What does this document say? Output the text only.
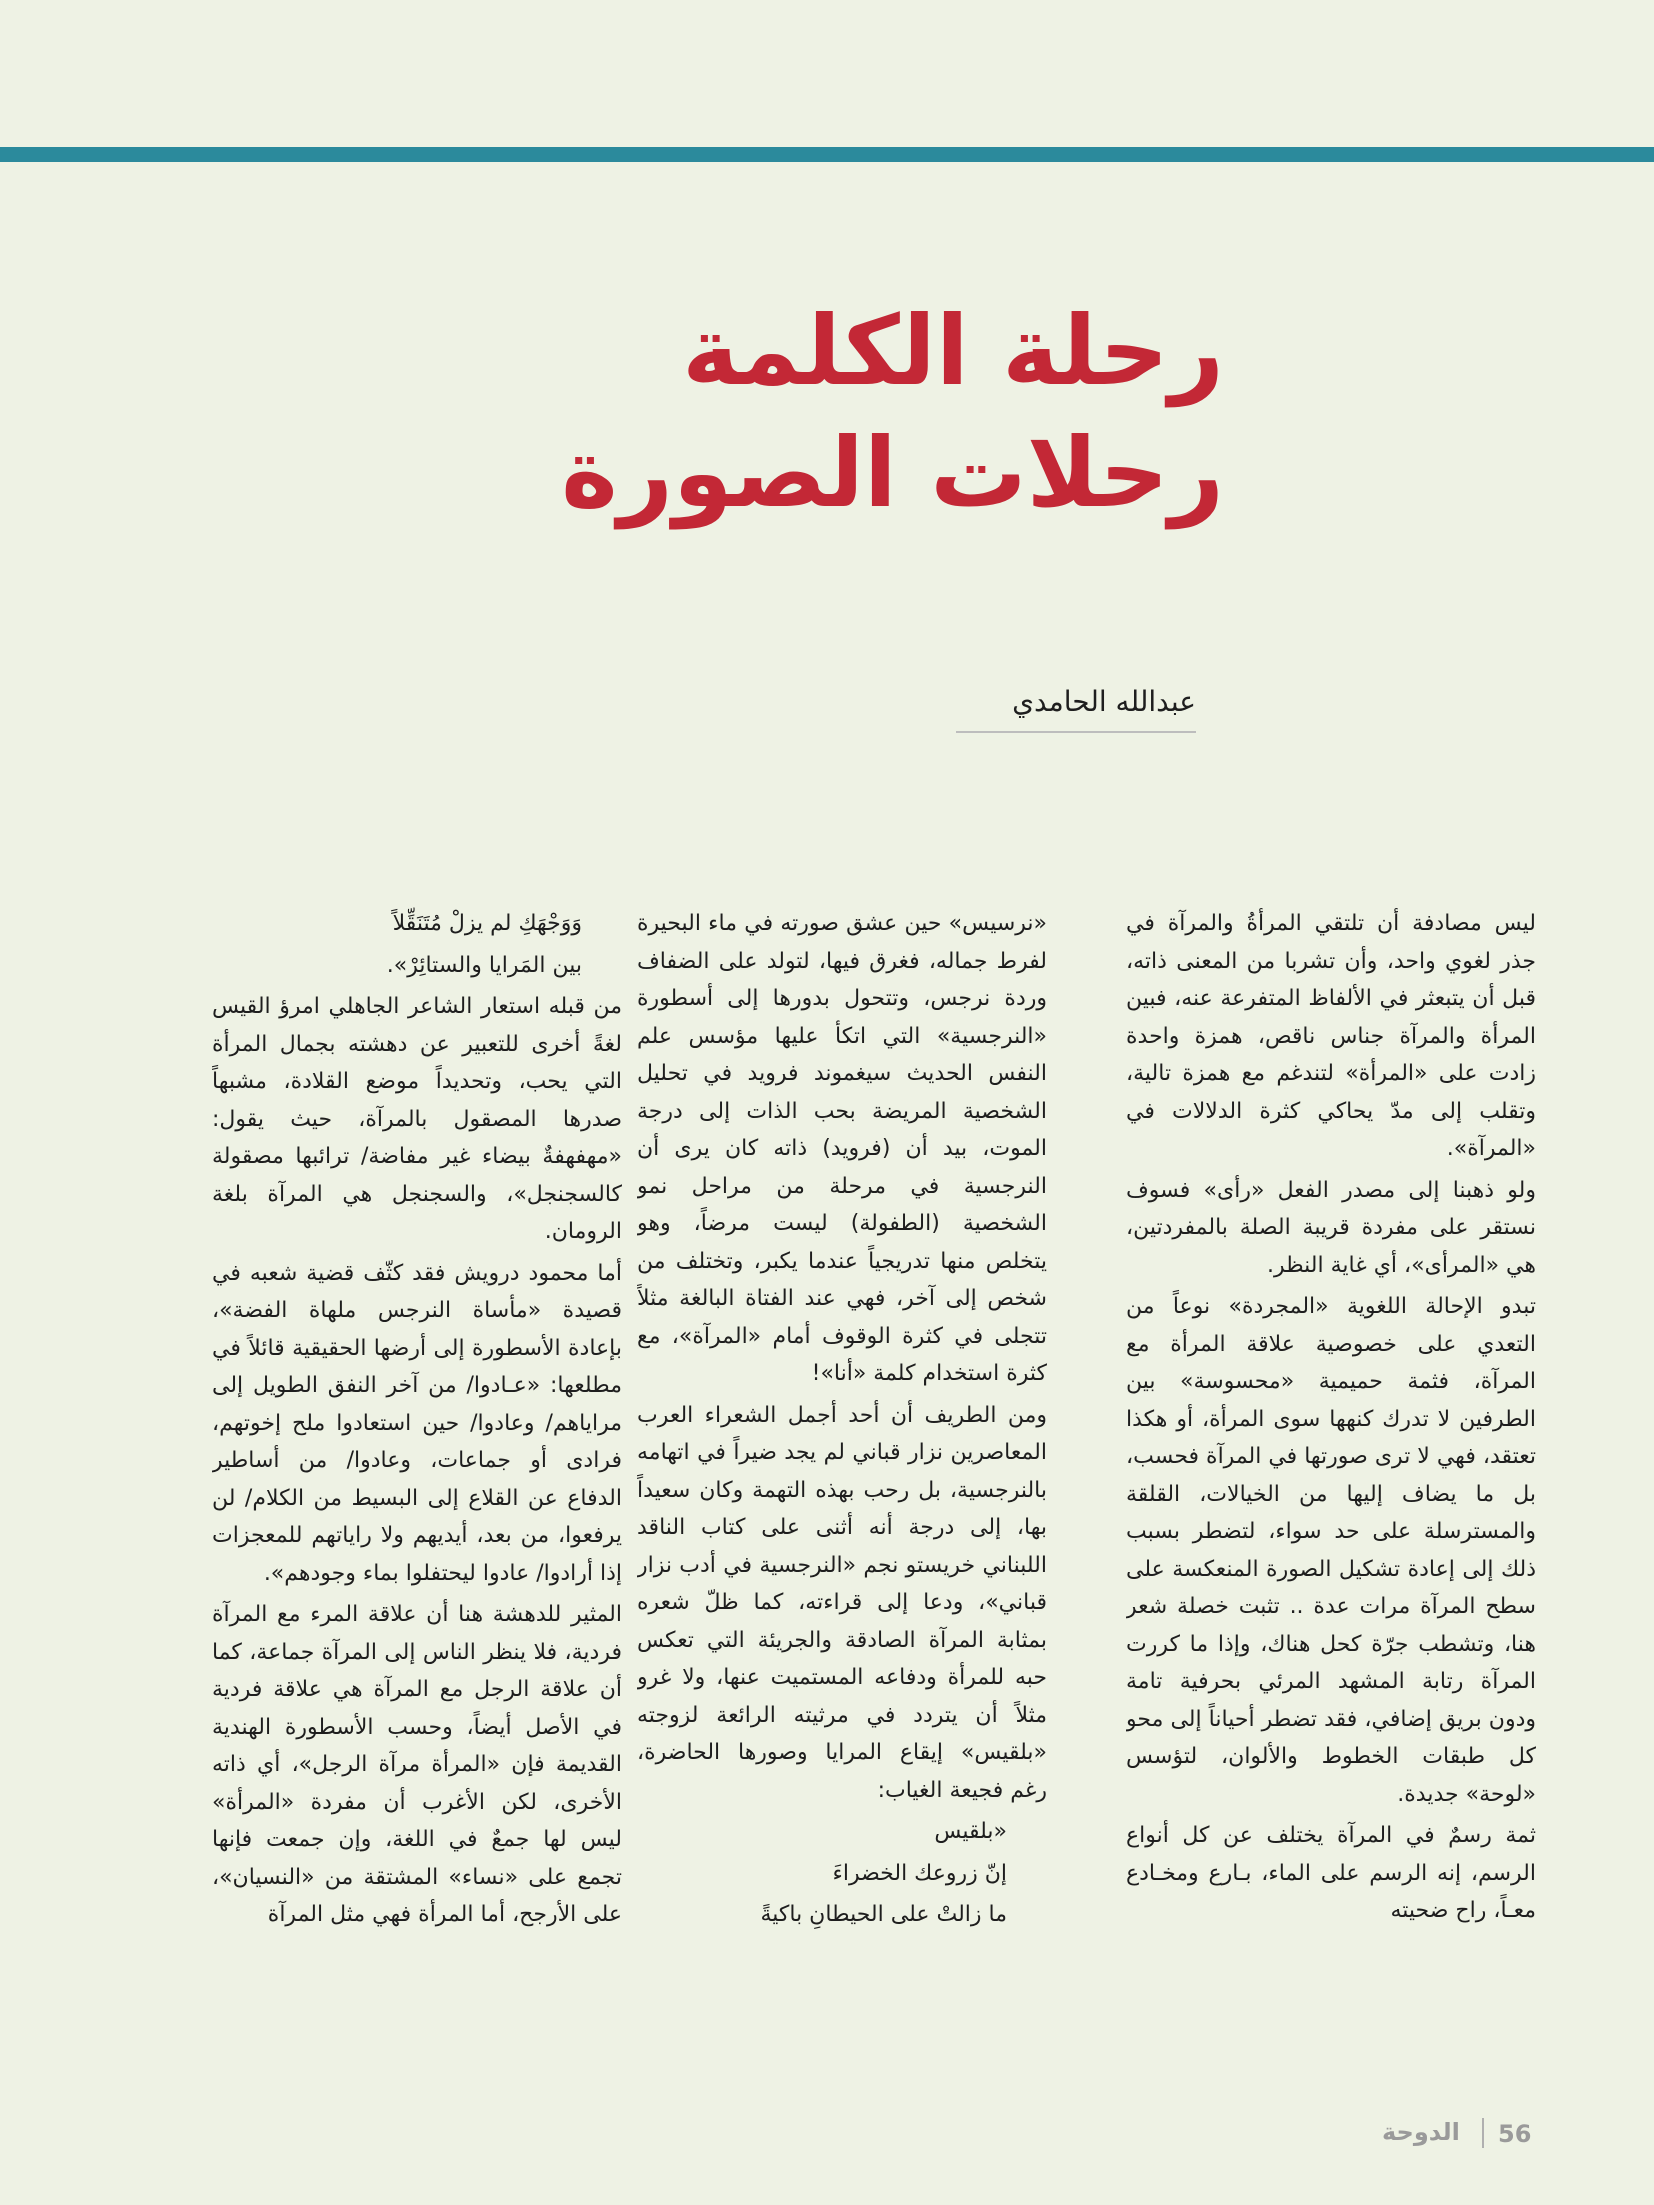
رحلة الكلمة
رحلات الصورة
عبدالله الحامدي

ليس مصادفة أن تلتقي المرأةُ والمرآة في جذر لغوي واحد، وأن تشربا من المعنى ذاته، قبل أن يتبعثر في الألفاظ المتفرعة عنه، فبين المرأة والمرآة جناس ناقص، همزة واحدة زادت على «المرأة» لتندغم مع همزة تالية، وتقلب إلى مدّ يحاكي كثرة الدلالات في «المرآة».

ولو ذهبنا إلى مصدر الفعل «رأى» فسوف نستقر على مفردة قريبة الصلة بالمفردتين، هي «المرأى»، أي غاية النظر.

تبدو الإحالة اللغوية «المجردة» نوعاً من التعدي على خصوصية علاقة المرأة مع المرآة، فثمة حميمية «محسوسة» بين الطرفين لا تدرك كنهها سوى المرأة، أو هكذا تعتقد، فهي لا ترى صورتها في المرآة فحسب، بل ما يضاف إليها من الخيالات، القلقة والمسترسلة على حد سواء، لتضطر بسبب ذلك إلى إعادة تشكيل الصورة المنعكسة على سطح المرآة مرات عدة .. تثبت خصلة شعر هنا، وتشطب جرّة كحل هناك، وإذا ما كررت المرآة رتابة المشهد المرئي بحرفية تامة ودون بريق إضافي، فقد تضطر أحياناً إلى محو كل طبقات الخطوط والألوان، لتؤسس «لوحة» جديدة.

ثمة رسمٌ في المرآة يختلف عن كل أنواع الرسم، إنه الرسم على الماء، بـارع ومخـادع معـاً، راح ضحيته

«نرسيس» حين عشق صورته في ماء البحيرة لفرط جماله، فغرق فيها، لتولد على الضفاف وردة نرجس، وتتحول بدورها إلى أسطورة «النرجسية» التي اتكأ عليها مؤسس علم النفس الحديث سيغموند فرويد في تحليل الشخصية المريضة بحب الذات إلى درجة الموت، بيد أن (فرويد) ذاته كان يرى أن النرجسية في مرحلة من مراحل نمو الشخصية (الطفولة) ليست مرضاً، وهو يتخلص منها تدريجياً عندما يكبر، وتختلف من شخص إلى آخر، فهي عند الفتاة البالغة مثلاً تتجلى في كثرة الوقوف أمام «المرآة»، مع كثرة استخدام كلمة «أنا»!

ومن الطريف أن أحد أجمل الشعراء العرب المعاصرين نزار قباني لم يجد ضيراً في اتهامه بالنرجسية، بل رحب بهذه التهمة وكان سعيداً بها، إلى درجة أنه أثنى على كتاب الناقد اللبناني خريستو نجم «النرجسية في أدب نزار قباني»، ودعا إلى قراءته، كما ظلّ شعره بمثابة المرآة الصادقة والجريئة التي تعكس حبه للمرأة ودفاعه المستميت عنها، ولا غرو مثلاً أن يتردد في مرثيته الرائعة لزوجته «بلقيس» إيقاع المرايا وصورها الحاضرة، رغم فجيعة الغياب:

«بلقيس

إنّ زروعك الخضراءَ

ما زالتْ على الحيطانِ باكيةً

وَوَجْهَكِ لم يزلْ مُتَنَقِّلاً

بين المَرايا والستائِرْ».

من قبله استعار الشاعر الجاهلي امرؤ القيس لغةً أخرى للتعبير عن دهشته بجمال المرأة التي يحب، وتحديداً موضع القلادة، مشبهاً صدرها المصقول بالمرآة، حيث يقول: «مهفهفةٌ بيضاء غير مفاضة/ ترائبها مصقولة كالسجنجل»، والسجنجل هي المرآة بلغة الرومان.

أما محمود درويش فقد كثّف قضية شعبه في قصيدة «مأساة النرجس ملهاة الفضة»، بإعادة الأسطورة إلى أرضها الحقيقية قائلاً في مطلعها: «عـادوا/ من آخر النفق الطويل إلى مراياهم/ وعادوا/ حين استعادوا ملح إخوتهم، فرادى أو جماعات، وعادوا/ من أساطير الدفاع عن القلاع إلى البسيط من الكلام/ لن يرفعوا، من بعد، أيديهم ولا راياتهم للمعجزات إذا أرادوا/ عادوا ليحتفلوا بماء وجودهم».

المثير للدهشة هنا أن علاقة المرء مع المرآة فردية، فلا ينظر الناس إلى المرآة جماعة، كما أن علاقة الرجل مع المرآة هي علاقة فردية في الأصل أيضاً، وحسب الأسطورة الهندية القديمة فإن «المرأة مرآة الرجل»، أي ذاته الأخرى، لكن الأغرب أن مفردة «المرأة» ليس لها جمعٌ في اللغة، وإن جمعت فإنها تجمع على «نساء» المشتقة من «النسيان»، على الأرجح، أما المرأة فهي مثل المرآة

الدوحة 56
